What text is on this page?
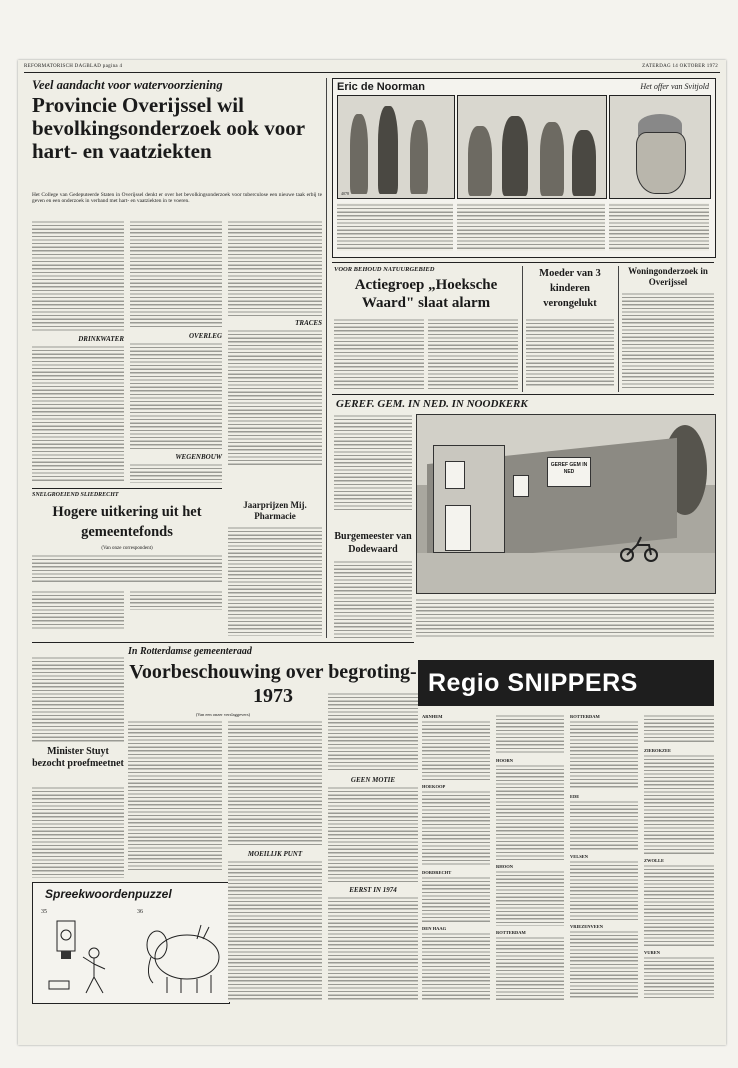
REFORMATORISCH DAGBLAD pagina 4	ZATERDAG 14 OKTOBER 1972
Veel aandacht voor watervoorziening
Provincie Overijssel wil bevolkingsonderzoek ook voor hart- en vaatziekten
Het College van Gedeputeerde Staten in Overijssel denkt er over het bevolkingsonderzoek voor tuberculose een nieuwe taak erbij te geven en een onderzoek in verband met hart- en vaatziekten in te voeren.
DRINKWATER	OVERLEG
WEGENBOUW
TRACES
Jaarprijzen Mij. Pharmacie
SNELGROEIEND SLIEDRECHT
Hogere uitkering uit het gemeentefonds
(Van onze correspondent)
Minister Stuyt bezocht proefmeetnet
Spreekwoordenpuzzel
35	36
Eric de Noorman	Het offer van Svitjold
4078
VOOR BEHOUD NATUURGEBIED
Actiegroep „Hoeksche Waard" slaat alarm
Moeder van 3 kinderen verongelukt
Woningonderzoek in Overijssel
GEREF. GEM. IN NED. IN NOODKERK
GEREF GEM IN NED
Burgemeester van Dodewaard
In Rotterdamse gemeenteraad
Voorbeschouwing over begroting-1973
(Van een onzer verslaggevers)
MOEILIJK PUNT
GEEN MOTIE
EERST IN 1974
Regio SNIPPERS
ARNHEM
HOEKOOP
DORDRECHT
DEN HAAG
HOORN
RHOON
ROTTERDAM
ROTTERDAM
EDE
VELSEN
VRIEZENVEEN
ZIEROKZEE
ZWOLLE
VUREN
